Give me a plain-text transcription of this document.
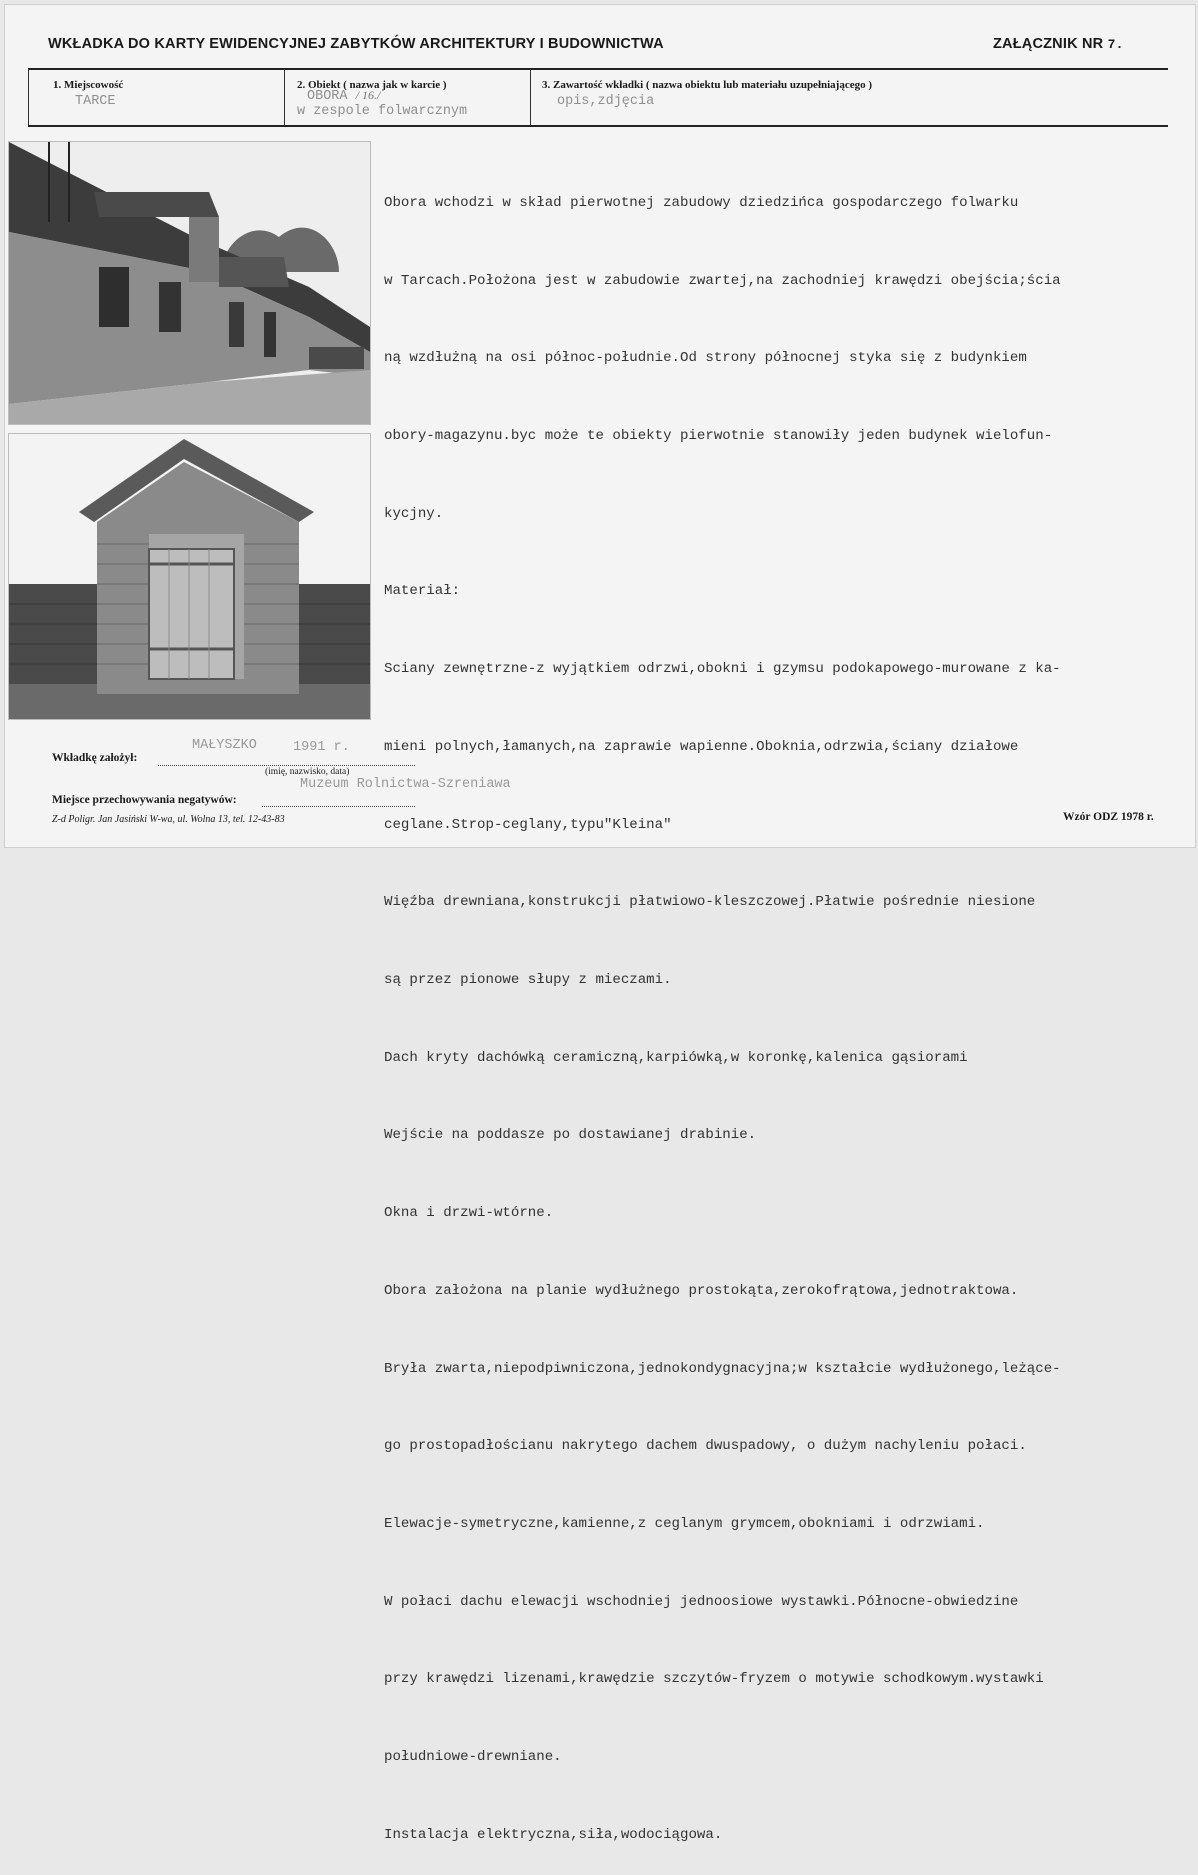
WKŁADKA DO KARTY EWIDENCYJNEJ ZABYTKÓW ARCHITEKTURY I BUDOWNICTWA	ZAŁĄCZNIK NR 7.
1. Miejscowość
TARCE
2. Obiekt ( nazwa jak w karcie )
OBORA / 16./
w zespole folwarcznym
3. Zawartość wkładki ( nazwa obiektu lub materiału uzupełniającego )
opis,zdjęcia

Obora wchodzi w skład pierwotnej zabudowy dziedzińca gospodarczego folwarku

w Tarcach.Położona jest w zabudowie zwartej,na zachodniej krawędzi obejścia;ścia

ną wzdłużną na osi północ-południe.Od strony północnej styka się z budynkiem

obory-magazynu.byc może te obiekty pierwotnie stanowiły jeden budynek wielofun-

kycjny.

Materiał:

Sciany zewnętrzne-z wyjątkiem odrzwi,obokni i gzymsu podokapowego-murowane z ka-

mieni polnych,łamanych,na zaprawie wapienne.Oboknia,odrzwia,ściany działowe

ceglane.Strop-ceglany,typu"Kleina"

Więźba drewniana,konstrukcji płatwiowo-kleszczowej.Płatwie pośrednie niesione

są przez pionowe słupy z mieczami.

Dach kryty dachówką ceramiczną,karpiówką,w koronkę,kalenica gąsiorami

Wejście na poddasze po dostawianej drabinie.

Okna i drzwi-wtórne.

Obora założona na planie wydłużnego prostokąta,zerokofrątowa,jednotraktowa.

Bryła zwarta,niepodpiwniczona,jednokondygnacyjna;w kształcie wydłużonego,leżące-

go prostopadłościanu nakrytego dachem dwuspadowy, o dużym nachyleniu połaci.

Elewacje-symetryczne,kamienne,z ceglanym grymcem,obokniami i odrzwiami.

W połaci dachu elewacji wschodniej jednoosiowe wystawki.Północne-obwiedzine

przy krawędzi lizenami,krawędzie szczytów-fryzem o motywie schodkowym.wystawki

południowe-drewniane.

Instalacja elektryczna,siła,wodociągowa.

Wkładkę założył:
MAŁYSZKO	1991 r.
(imię, nazwisko, data)
Miejsce przechowywania negatywów:
Muzeum Rolnictwa-Szreniawa
Z-d Poligr. Jan Jasiński W-wa, ul. Wolna 13, tel. 12-43-83	Wzór ODZ 1978 r.
